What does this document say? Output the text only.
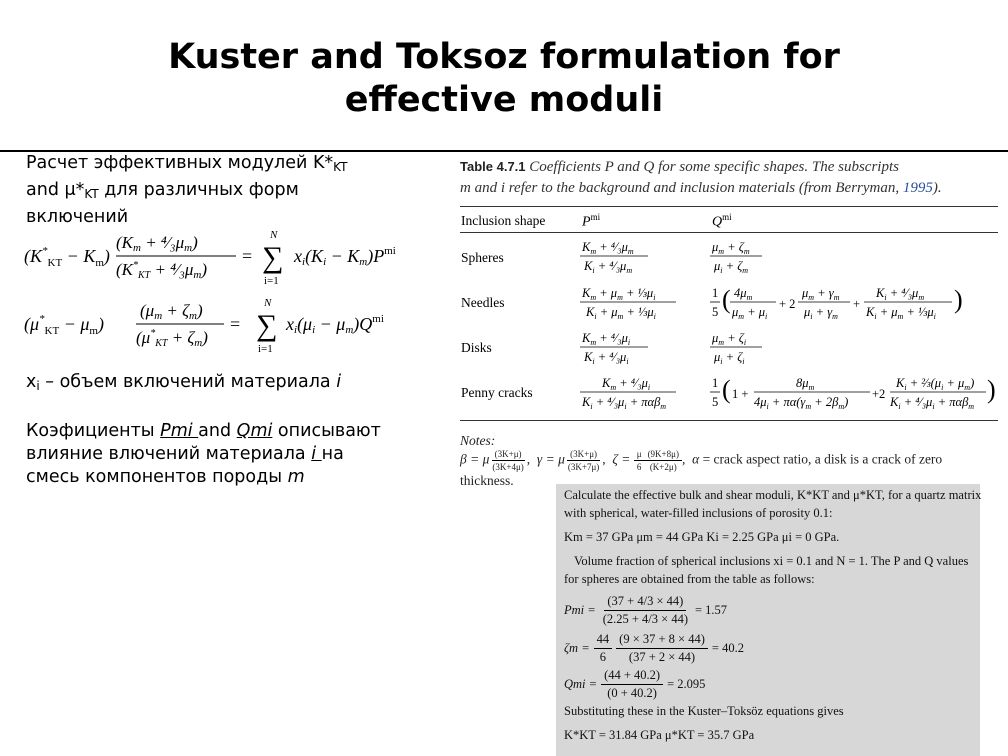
Kuster and Toksoz formulation for
effective moduli

Расчет эффективных модулей $K*_{KT}$

and $\mu*_{KT}$ для различных форм

включений

$(K^*_{KT} - K_m)$
(Km + ⁴⁄₃μm)
($K^*_{KT}$ + ⁴⁄₃μm)
=
N
∑
i=1
$xi(Ki - Km)P^{mi}$
$(\mu^*_{KT} - \mu_m)$
(μm + ζm)
$(\mu^*_{KT} + \zeta m)$
=
N
∑
i=1
$xi(\mu i - \mu m)Q^{mi}$

$x_i$ – объем включений материала i

Коэфициенты Pmi and Qmi описывают

влияние влючений материала i на

смесь компонентов породы m

Table 4.7.1 Coefficients P and Q for some specific shapes. The subscripts
m and i refer to the background and inclusion materials (from Berryman, 1995).
Inclusion shape	$P^{mi}$	$Q^{mi}$
Spheres
Needles
Disks
Penny cracks
$K_m$ + $^4⁄_3\mu_m$
$K_i$ + $^4⁄_3\mu_m$
$\mu_m + \zeta_m$
$\mu_i + \zeta_m$
$K_m + \mu_m$ + $\frac{1}{3}\mu_i$
$K_i + \mu_m$ + $\frac{1}{3}\mu_i$
1
5 ( $4\mu_m$
$\mu_m + \mu_i$
+ 2
$\mu_m + \gamma_m$
$\mu_i + \gamma_m$
+
$K_i$ + $^4⁄_3\mu_m$
$K_i + \mu_m$ + $\frac{1}{3}\mu_i$
)
$K_m$ + $^4⁄_3\mu_i$
$K_i$ + $^4⁄_3\mu_i$
$\mu_m + \zeta_i$
$\mu_i + \zeta_i$
$K_m$ + $^4⁄_3\mu_i$
$K_i$ + $^4⁄_3\mu_i + \pi\alpha\beta_m$
1
5 ( 1 +
$8\mu_m$
$4\mu_i + \pi\alpha(\gamma_m + 2\beta_m)$
+2
$K_i$ + $\frac{2}{3}(\mu_i + \mu_m)$
$K_i$ + $^4⁄_3\mu_i + \pi\alpha\beta_m$
)
Notes:
β = μ $\frac{(3K+\mu)}{(3K+4\mu)}$ ,  γ = μ $\frac{(3K+\mu)}{(3K+7\mu)}$ ,  $\zeta = \frac{\mu}{6} \frac{(9K+8\mu)}{(K+2\mu)}$ ,  α = crack aspect ratio, a disk is a crack of zero
thickness.
Calculate the effective bulk and shear moduli, K*KT and μ*KT, for a quartz matrix
with spherical, water-filled inclusions of porosity 0.1:
Km = 37 GPa μm = 44 GPa Ki = 2.25 GPa μi = 0 GPa.
Volume fraction of spherical inclusions xi = 0.1 and N = 1. The P and Q values
for spheres are obtained from the table as follows:
Pmi = $\frac{(37 + 4/3 \times 44)}{(2.25 + 4/3 \times 44)} = 1.57$
$\zeta m = \frac{44}{6} \frac{(9 \times 37 + 8 \times 44)}{(37 + 2 \times 44)} = 40.2$
Qmi = $\frac{(44 + 40.2)}{(0 + 40.2)} = 2.095$
Substituting these in the Kuster–Toksöz equations gives
K*KT = 31.84 GPa μ*KT = 35.7 GPa
